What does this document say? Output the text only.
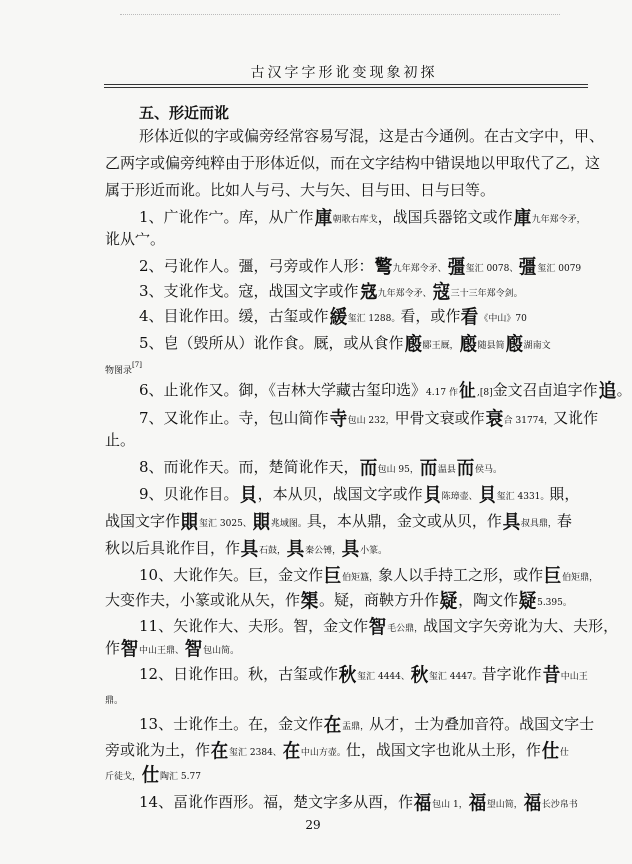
古汉字字形讹变现象初探
五、形近而讹
形体近似的字或偏旁经常容易写混，这是古今通例。在古文字中，甲、
乙两字或偏旁纯粹由于形体近似，而在文字结构中错误地以甲取代了乙，这
属于形近而讹。比如人与弓、大与矢、目与田、日与曰等。
1、广讹作宀。库，从广作庫朝歌右库戈，战国兵器铭文或作庫九年郑令矛，
讹从宀。
2、弓讹作人。彊，弓旁或作人形：𢐧九年郑令矛、彊玺汇 0078、彊玺汇 0079
3、支讹作戈。寇，战国文字或作𡨥九年郑令矛、寇三十三年郑令剑。
4、目讹作田。缓，古玺或作緩玺汇 1288。看，或作看《中山》70
5、皀（毁所从）讹作食。厩，或从食作廏郾王厩，廏随县简廏湖南文
物图录[7]
6、止讹作又。御，《吉林大学藏古玺印选》4.17 作𢓊,[8]金文召卣追字作追。
7、又讹作止。寺，包山简作寺包山 232，甲骨文衰或作衰合 31774，又讹作
止。
8、而讹作天。而，楚简讹作天，而包山 95，而温县而侯马。
9、贝讹作目。貝，本从贝，战国文字或作貝陈璋壶、貝玺汇 4331。賏，
战国文字作賏玺汇 3025、賏兆域图。具，本从鼎，金文或从贝，作具叔具鼎，春
秋以后具讹作目，作具石鼓，具秦公镈，具小篆。
10、大讹作矢。巨，金文作巨伯矩簋，象人以手持工之形，或作巨伯矩鼎，
大变作夫，小篆或讹从矢，作榘。疑，商鞅方升作疑，陶文作疑5.395。
11、矢讹作大、夫形。智，金文作智毛公鼎，战国文字矢旁讹为大、夫形，
作智中山王鼎、智包山简。
12、日讹作田。秋，古玺或作秋玺汇 4444、秋玺汇 4447。昔字讹作昔中山王
鼎。
13、士讹作土。在，金文作在盂鼎，从才，士为叠加音符。战国文字士
旁或讹为土，作在玺汇 2384、在中山方壶。仕，战国文字也讹从土形，作仕仕
斤徒戈，仕陶汇 5.77
14、畐讹作酉形。福，楚文字多从酉，作福包山 1，福望山简，福长沙帛书
29
